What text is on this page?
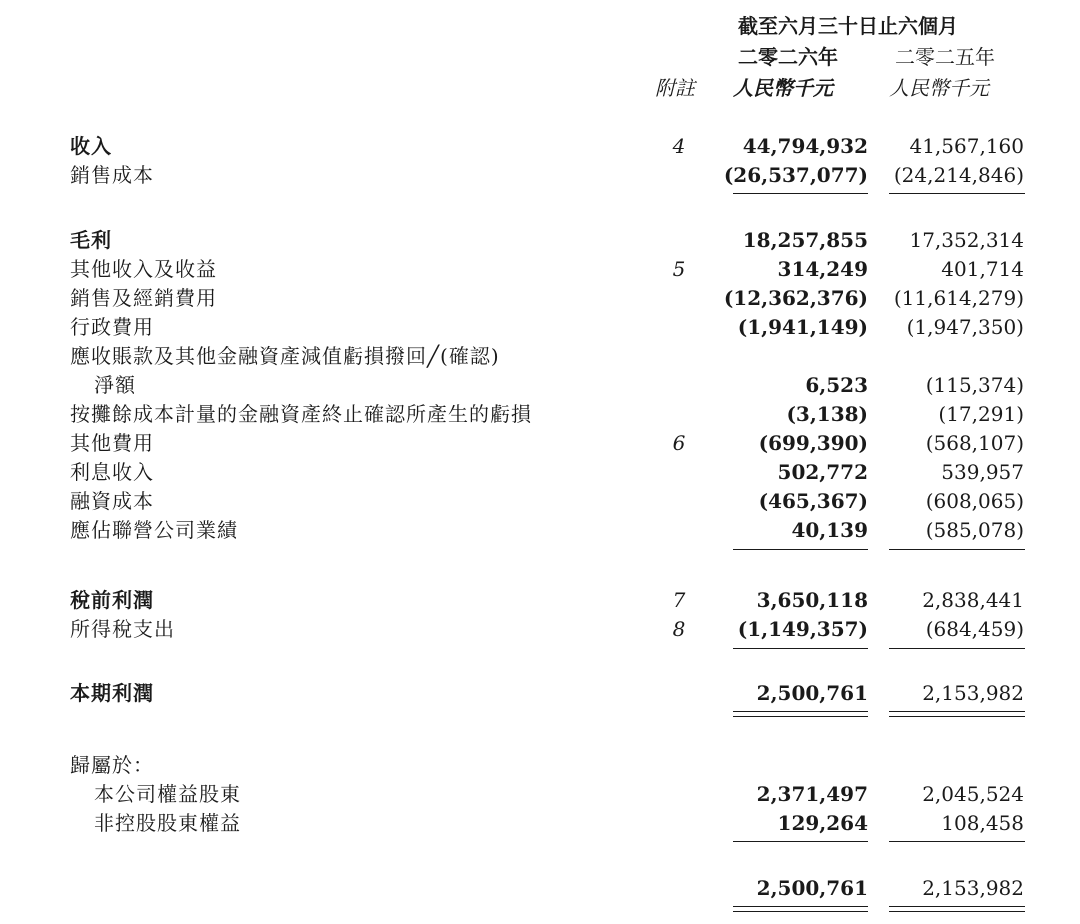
截至六月三十日止六個月
二零二六年	二零二五年
附註 人民幣千元	人民幣千元
收入	4	44,794,932 41,567,160
銷售成本	(26,537,077) (24,214,846)
毛利	18,257,855 17,352,314
其他收入及收益	5	314,249	401,714
銷售及經銷費用	(12,362,376) (11,614,279)
行政費用	(1,941,149) (1,947,350)
應收賬款及其他金融資產減值虧損撥回╱(確認)
淨額	6,523	(115,374)
按攤餘成本計量的金融資產終止確認所產生的虧損	(3,138)	(17,291)
其他費用	6	(699,390)	(568,107)
利息收入	502,772	539,957
融資成本	(465,367)	(608,065)
應佔聯營公司業績	40,139	(585,078)
稅前利潤	7	3,650,118	2,838,441
所得稅支出	8	(1,149,357)	(684,459)
本期利潤	2,500,761	2,153,982
歸屬於：
本公司權益股東	2,371,497	2,045,524
非控股股東權益	129,264	108,458
2,500,761	2,153,982
